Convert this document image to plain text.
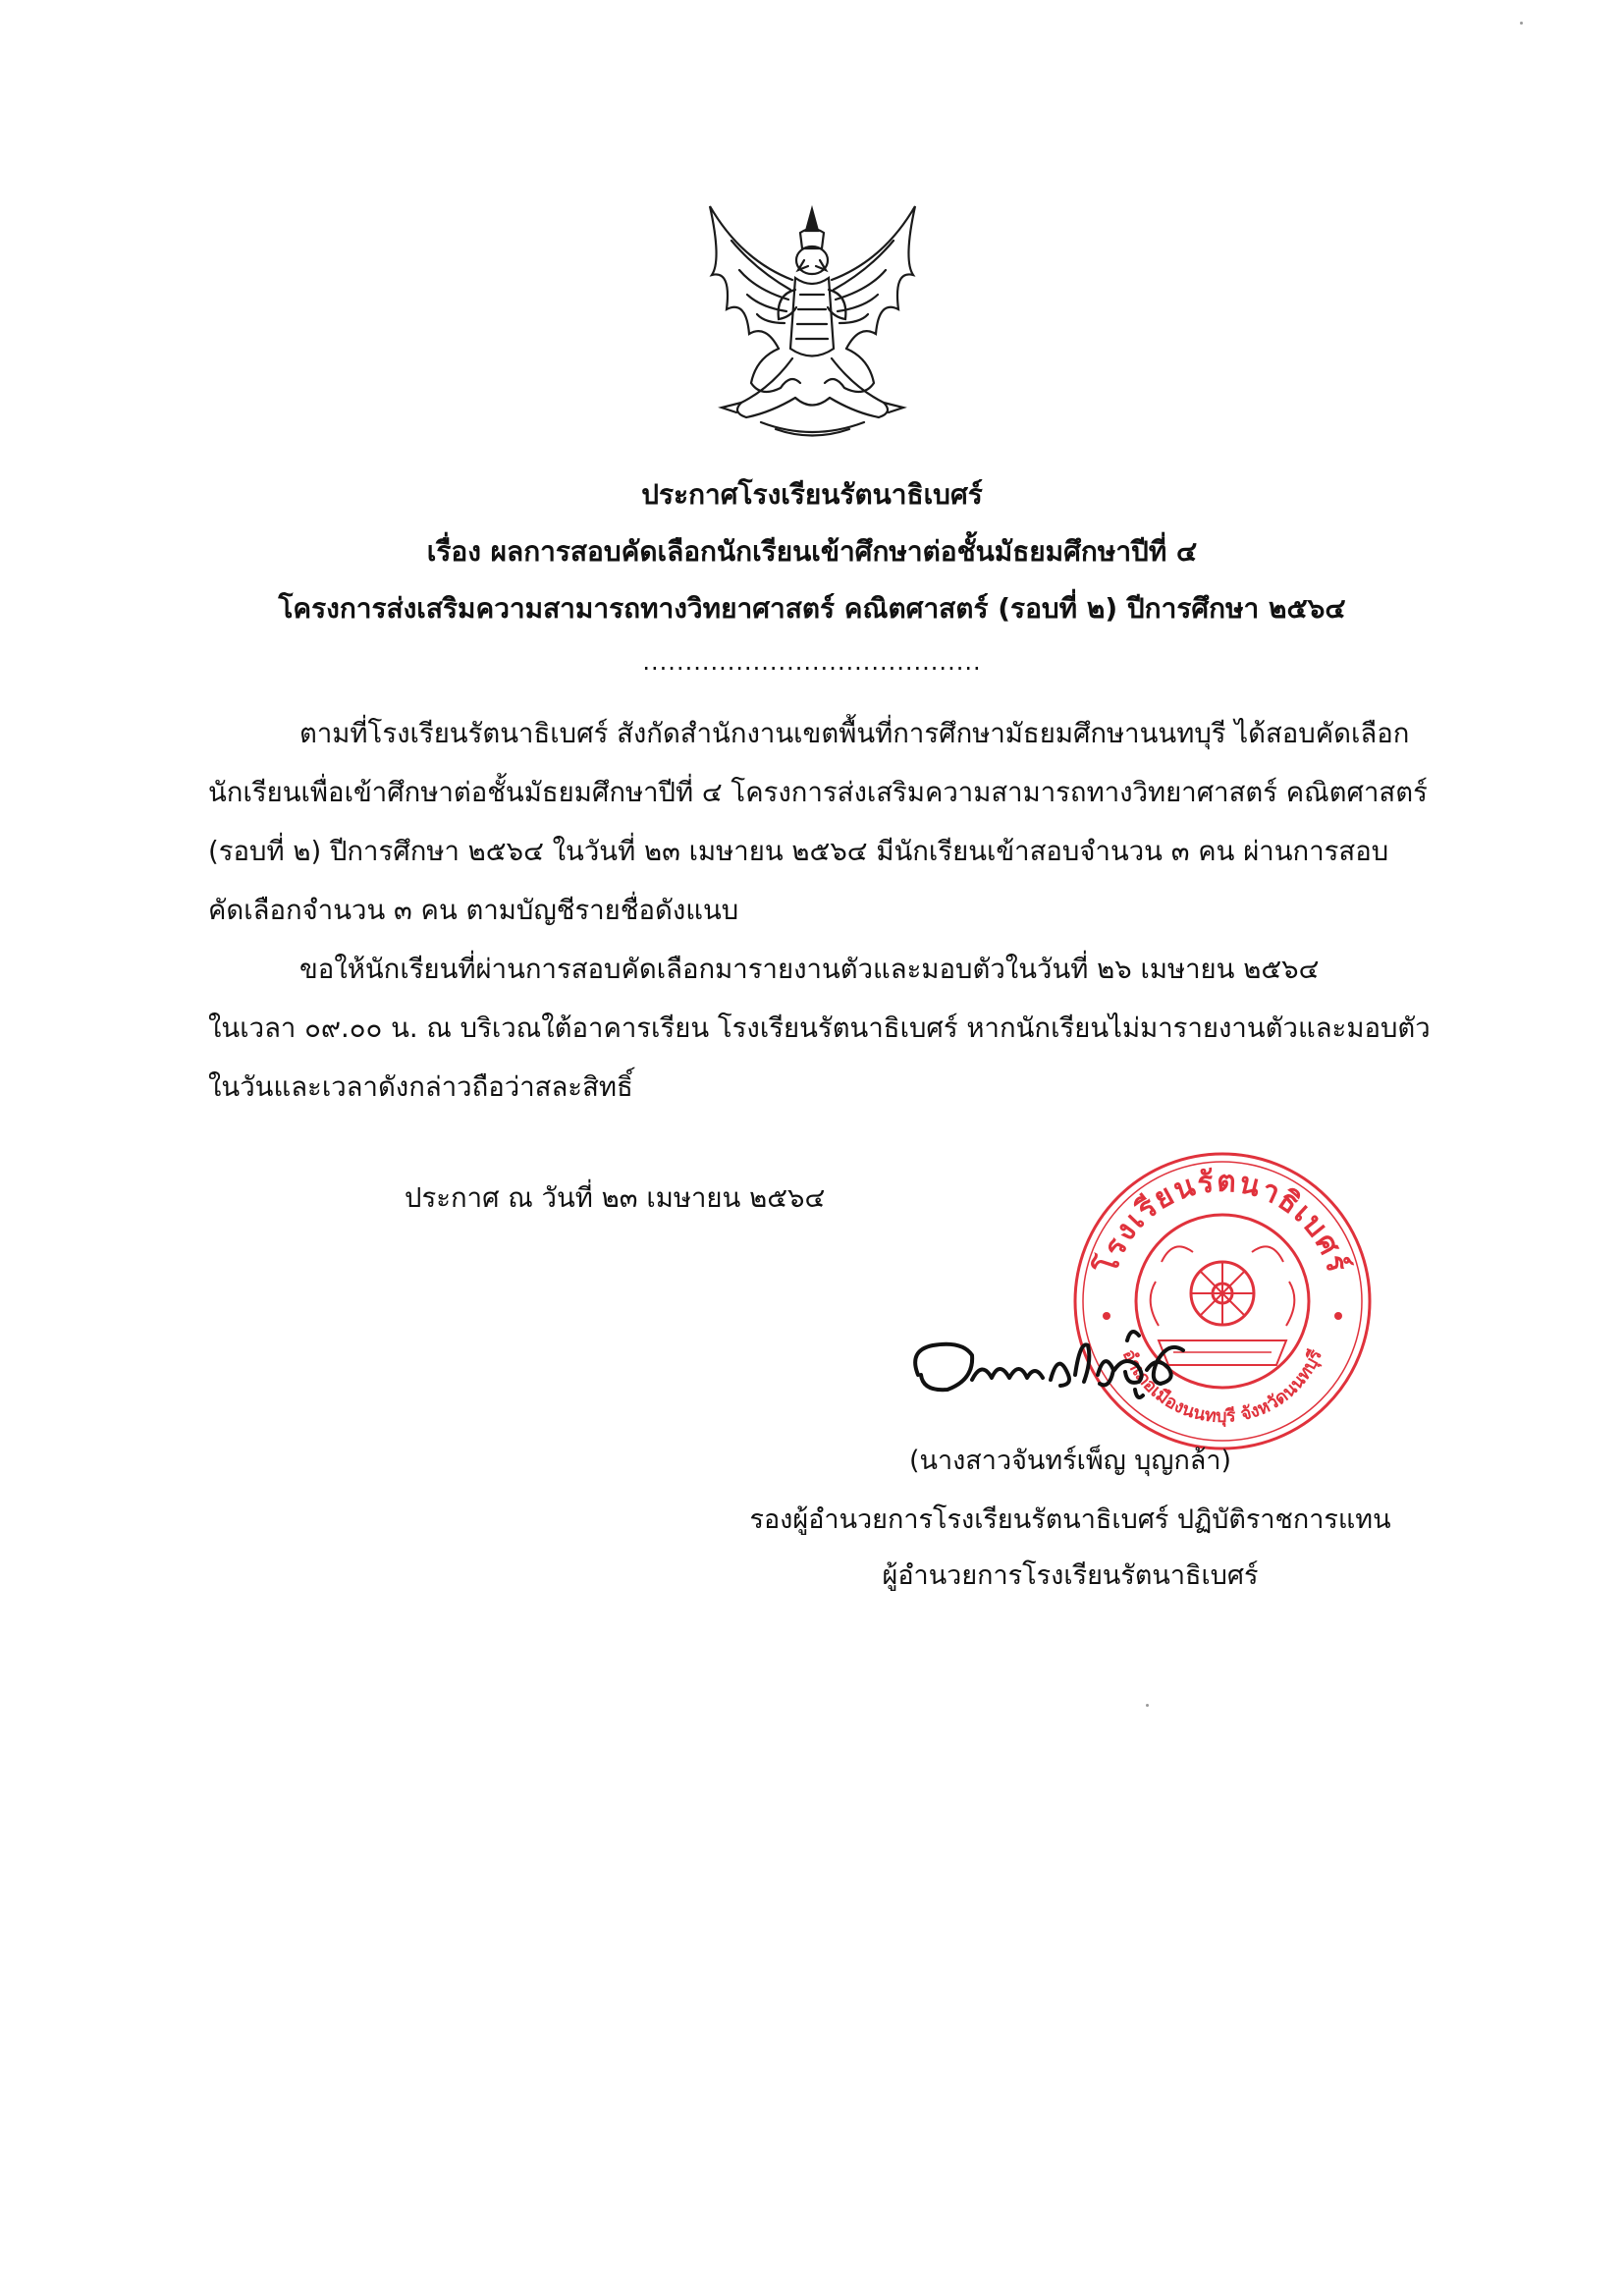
ประกาศโรงเรียนรัตนาธิเบศร์
เรื่อง ผลการสอบคัดเลือกนักเรียนเข้าศึกษาต่อชั้นมัธยมศึกษาปีที่ ๔
โครงการส่งเสริมความสามารถทางวิทยาศาสตร์ คณิตศาสตร์ (รอบที่ ๒) ปีการศึกษา ๒๕๖๔
........................................
ตามที่โรงเรียนรัตนาธิเบศร์ สังกัดสำนักงานเขตพื้นที่การศึกษามัธยมศึกษานนทบุรี ได้สอบคัดเลือก
นักเรียนเพื่อเข้าศึกษาต่อชั้นมัธยมศึกษาปีที่ ๔ โครงการส่งเสริมความสามารถทางวิทยาศาสตร์ คณิตศาสตร์
(รอบที่ ๒) ปีการศึกษา ๒๕๖๔ ในวันที่ ๒๓ เมษายน ๒๕๖๔ มีนักเรียนเข้าสอบจำนวน ๓ คน ผ่านการสอบ
คัดเลือกจำนวน ๓ คน ตามบัญชีรายชื่อดังแนบ
ขอให้นักเรียนที่ผ่านการสอบคัดเลือกมารายงานตัวและมอบตัวในวันที่ ๒๖ เมษายน ๒๕๖๔
ในเวลา ๐๙.๐๐ น. ณ บริเวณใต้อาคารเรียน โรงเรียนรัตนาธิเบศร์ หากนักเรียนไม่มารายงานตัวและมอบตัว
ในวันและเวลาดังกล่าวถือว่าสละสิทธิ์
ประกาศ ณ วันที่ ๒๓ เมษายน ๒๕๖๔
โรงเรียนรัตนาธิเบศร์
อำเภอเมืองนนทบุรี จังหวัดนนทบุรี
(นางสาวจันทร์เพ็ญ บุญกล้า)
รองผู้อำนวยการโรงเรียนรัตนาธิเบศร์ ปฏิบัติราชการแทน
ผู้อำนวยการโรงเรียนรัตนาธิเบศร์
